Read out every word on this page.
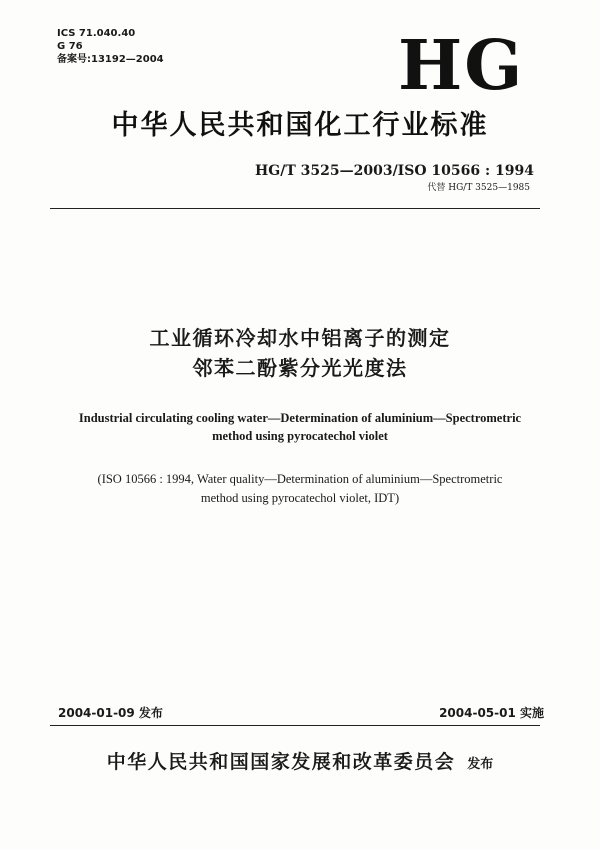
ICS 71.040.40
G 76
备案号:13192—2004	HG
中华人民共和国化工行业标准
HG/T 3525—2003/ISO 10566 : 1994
代替 HG/T 3525—1985
工业循环冷却水中铝离子的测定
邻苯二酚紫分光光度法
Industrial circulating cooling water—Determination of aluminium—Spectrometric
method using pyrocatechol violet
(ISO 10566 : 1994, Water quality—Determination of aluminium—Spectrometric
method using pyrocatechol violet, IDT)
2004-01-09 发布	2004-05-01 实施
中华人民共和国国家发展和改革委员会 发布
